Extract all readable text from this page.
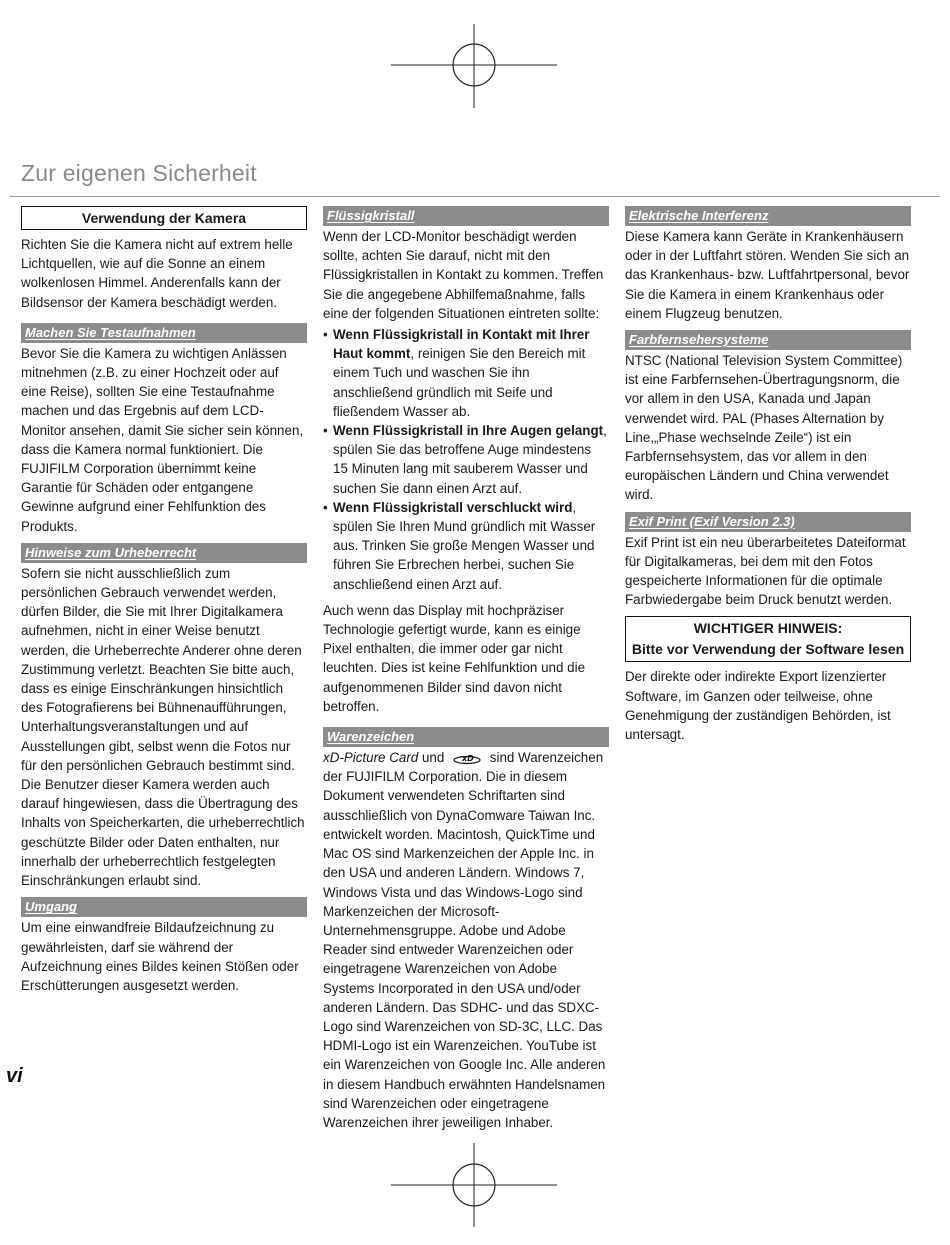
Zur eigenen Sicherheit
Verwendung der Kamera

Richten Sie die Kamera nicht auf extrem helle Lichtquellen, wie auf die Sonne an einem wolkenlosen Himmel. Anderenfalls kann der Bildsensor der Kamera beschädigt werden.

Machen Sie Testaufnahmen

Bevor Sie die Kamera zu wichtigen Anlässen mitnehmen (z.B. zu einer Hochzeit oder auf eine Reise), sollten Sie eine Testaufnahme machen und das Ergebnis auf dem LCD-Monitor ansehen, damit Sie sicher sein können, dass die Kamera normal funktioniert. Die FUJIFILM Corporation übernimmt keine Garantie für Schäden oder entgangene Gewinne aufgrund einer Fehlfunktion des Produkts.

Hinweise zum Urheberrecht

Sofern sie nicht ausschließlich zum persönlichen Gebrauch verwendet werden, dürfen Bilder, die Sie mit Ihrer Digitalkamera aufnehmen, nicht in einer Weise benutzt werden, die Urheberrechte Anderer ohne deren Zustimmung verletzt. Beachten Sie bitte auch, dass es einige Einschränkungen hinsichtlich des Fotografierens bei Bühnenaufführungen, Unterhaltungsveranstaltungen und auf Ausstellungen gibt, selbst wenn die Fotos nur für den persönlichen Gebrauch bestimmt sind. Die Benutzer dieser Kamera werden auch darauf hingewiesen, dass die Übertragung des Inhalts von Speicherkarten, die urheberrechtlich geschützte Bilder oder Daten enthalten, nur innerhalb der urheberrechtlich festgelegten Einschränkungen erlaubt sind.

Umgang

Um eine einwandfreie Bildaufzeichnung zu gewährleisten, darf sie während der Aufzeichnung eines Bildes keinen Stößen oder Erschütterungen ausgesetzt werden.

Flüssigkristall

Wenn der LCD-Monitor beschädigt werden sollte, achten Sie darauf, nicht mit den Flüssigkristallen in Kontakt zu kommen. Treffen Sie die angegebene Abhilfemaßnahme, falls eine der folgenden Situationen eintreten sollte:

• Wenn Flüssigkristall in Kontakt mit Ihrer Haut kommt, reinigen Sie den Bereich mit einem Tuch und waschen Sie ihn anschließend gründlich mit Seife und fließendem Wasser ab.
• Wenn Flüssigkristall in Ihre Augen gelangt, spülen Sie das betroffene Auge mindestens 15 Minuten lang mit sauberem Wasser und suchen Sie dann einen Arzt auf.
• Wenn Flüssigkristall verschluckt wird, spülen Sie Ihren Mund gründlich mit Wasser aus. Trinken Sie große Mengen Wasser und führen Sie Erbrechen herbei, suchen Sie anschließend einen Arzt auf.

Auch wenn das Display mit hochpräziser Technologie gefertigt wurde, kann es einige Pixel enthalten, die immer oder gar nicht leuchten. Dies ist keine Fehlfunktion und die aufgenommenen Bilder sind davon nicht betroffen.

Warenzeichen

xD-Picture Card und xD sind Warenzeichen der FUJIFILM Corporation. Die in diesem Dokument verwendeten Schriftarten sind ausschließlich von DynaComware Taiwan Inc. entwickelt worden. Macintosh, QuickTime und Mac OS sind Markenzeichen der Apple Inc. in den USA und anderen Ländern. Windows 7, Windows Vista und das Windows-Logo sind Markenzeichen der Microsoft-Unternehmensgruppe. Adobe und Adobe Reader sind entweder Warenzeichen oder eingetragene Warenzeichen von Adobe Systems Incorporated in den USA und/oder anderen Ländern. Das SDHC- und das SDXC-Logo sind Warenzeichen von SD-3C, LLC. Das HDMI-Logo ist ein Warenzeichen. YouTube ist ein Warenzeichen von Google Inc. Alle anderen in diesem Handbuch erwähnten Handelsnamen sind Warenzeichen oder eingetragene Warenzeichen ihrer jeweiligen Inhaber.

Elektrische Interferenz

Diese Kamera kann Geräte in Krankenhäusern oder in der Luftfahrt stören. Wenden Sie sich an das Krankenhaus- bzw. Luftfahrtpersonal, bevor Sie die Kamera in einem Krankenhaus oder einem Flugzeug benutzen.

Farbfernsehersysteme

NTSC (National Television System Committee) ist eine Farbfernsehen-Übertragungsnorm, die vor allem in den USA, Kanada und Japan verwendet wird. PAL (Phases Alternation by Line,„Phase wechselnde Zeile“) ist ein Farbfernsehsystem, das vor allem in den europäischen Ländern und China verwendet wird.

Exif Print (Exif Version 2.3)

Exif Print ist ein neu überarbeitetes Dateiformat für Digitalkameras, bei dem mit den Fotos gespeicherte Informationen für die optimale Farbwiedergabe beim Druck benutzt werden.

WICHTIGER HINWEIS:
Bitte vor Verwendung der Software lesen

Der direkte oder indirekte Export lizenzierter Software, im Ganzen oder teilweise, ohne Genehmigung der zuständigen Behörden, ist untersagt.

vi
